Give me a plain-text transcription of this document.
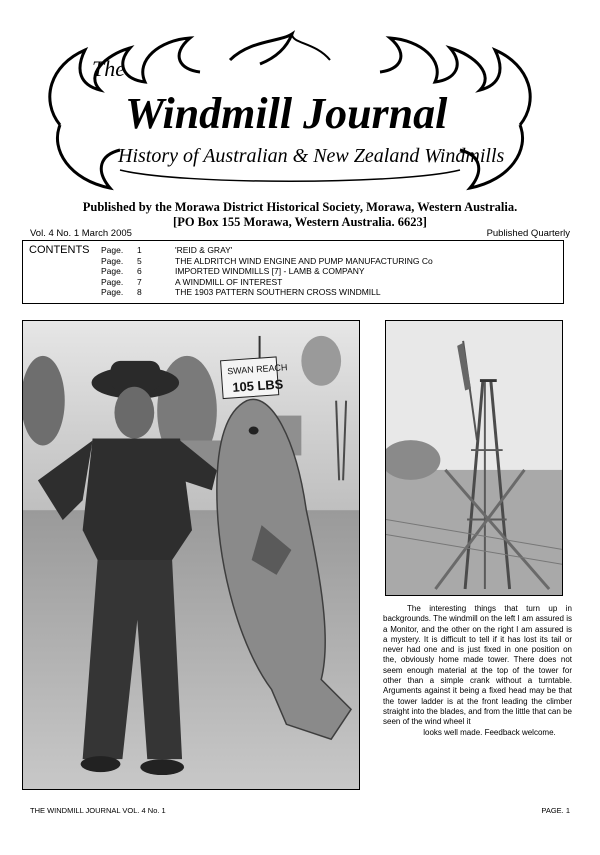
The
Windmill Journal
History of Australian & New Zealand Windmills
Published by the Morawa District Historical Society, Morawa, Western Australia.
[PO Box 155 Morawa, Western Australia. 6623]
Vol. 4 No. 1 March 2005	Published Quarterly
CONTENTS Page.	1	'REID & GRAY'
Page.	5	THE ALDRITCH WIND ENGINE AND PUMP MANUFACTURING Co
Page.	6	IMPORTED WINDMILLS [7] - LAMB & COMPANY
Page.	7	A WINDMILL OF INTEREST
Page.	8	THE 1903 PATTERN SOUTHERN CROSS WINDMILL
SWAN REACH
105 LBS
The interesting things that turn up in backgrounds. The windmill on the left I am assured is a Monitor, and the other on the right I am assured is a mystery. It is difficult to tell if it has lost its tail or never had one and is just fixed in one position on the, obviously home made tower. There does not seem enough material at the top of the tower for other than a simple crank without a turntable. Arguments against it being a fixed head may be that the tower ladder is at the front leading the climber straight into the blades, and from the little that can be seen of the wind wheel it
looks well made. Feedback welcome.
THE WINDMILL JOURNAL VOL. 4 No. 1	PAGE. 1
